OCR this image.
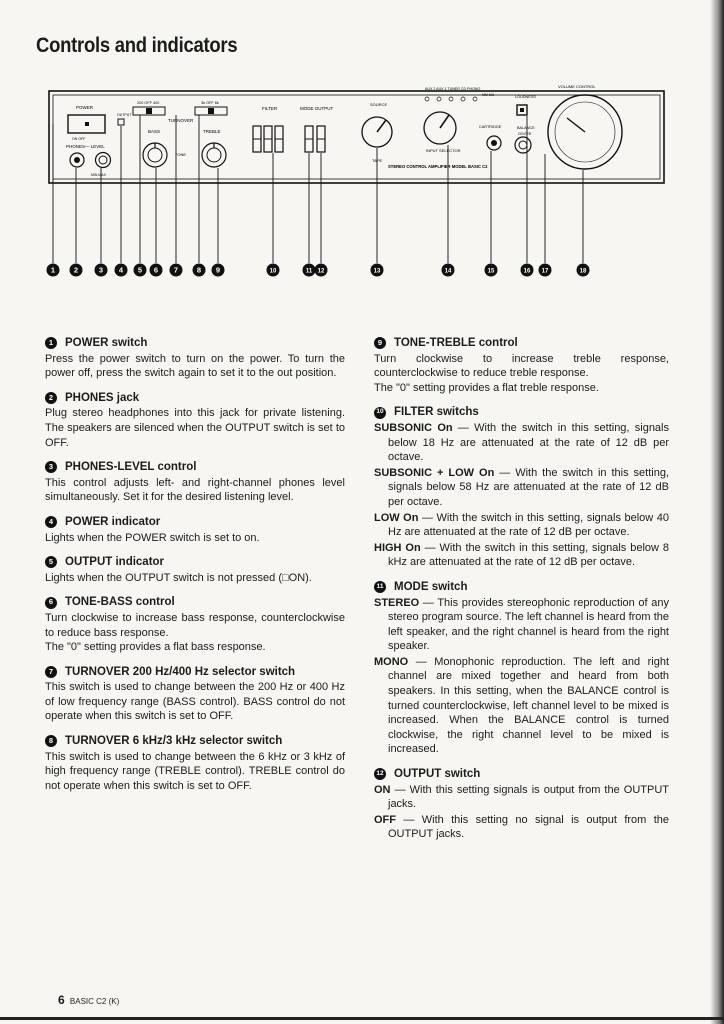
Controls and indicators
POWER
ON OFF
PHONES— LEVEL
MIN MAX
OUTPUT
200 OFF 400
BASS
TONE
TURNOVER
3k OFF 6k
TREBLE
FILTER	MODE OUTPUT
SOURCE
TAPE
AUX 2 AUX 1 TUNER CD PHONO
MM MC
INPUT SELECTOR
STEREO CONTROL AMPLIFIER MODEL BASIC C2
CARTRIDGE
LOUDNESS
BALANCE
CENTER
VOLUME CONTROL
1	2	3 4 5 6 7	8 9	10	11 12	13	14	15	16 17	18
1	POWER switch

Press the power switch to turn on the power. To turn the power off, press the switch again to set it to the out position.

2	PHONES jack

Plug stereo headphones into this jack for private listening. The speakers are silenced when the OUTPUT switch is set to OFF.

3	PHONES-LEVEL control

This control adjusts left- and right-channel phones level simultaneously. Set it for the desired listening level.

4	POWER indicator

Lights when the POWER switch is set to on.

5	OUTPUT indicator

Lights when the OUTPUT switch is not pressed (□ON).

6	TONE-BASS control

Turn clockwise to increase bass response, counterclockwise to reduce bass response.

The "0" setting provides a flat bass response.

7	TURNOVER 200 Hz/400 Hz selector switch

This switch is used to change between the 200 Hz or 400 Hz of low frequency range (BASS control). BASS control do not operate when this switch is set to OFF.

8	TURNOVER 6 kHz/3 kHz selector switch

This switch is used to change between the 6 kHz or 3 kHz of high frequency range (TREBLE control). TREBLE control do not operate when this switch is set to OFF.

9	TONE-TREBLE control

Turn clockwise to increase treble response, counterclockwise to reduce treble response.

The "0" setting provides a flat treble response.

10 FILTER switchs
SUBSONIC On — With the switch in this setting, signals below 18 Hz are attenuated at the rate of 12 dB per octave.
SUBSONIC + LOW On — With the switch in this setting, signals below 58 Hz are attenuated at the rate of 12 dB per octave.
LOW On — With the switch in this setting, signals below 40 Hz are attenuated at the rate of 12 dB per octave.
HIGH On — With the switch in this setting, signals below 8 kHz are attenuated at the rate of 12 dB per octave.
11 MODE switch
STEREO — This provides stereophonic reproduction of any stereo program source. The left channel is heard from the left speaker, and the right channel is heard from the right speaker.
MONO — Monophonic reproduction. The left and right channel are mixed together and heard from both speakers. In this setting, when the BALANCE control is turned counterclockwise, left channel level to be mixed is increased. When the BALANCE control is turned clockwise, the right channel level to be mixed is increased.
12 OUTPUT switch
ON — With this setting signals is output from the OUTPUT jacks.
OFF — With this setting no signal is output from the OUTPUT jacks.
6 BASIC C2 (K)
